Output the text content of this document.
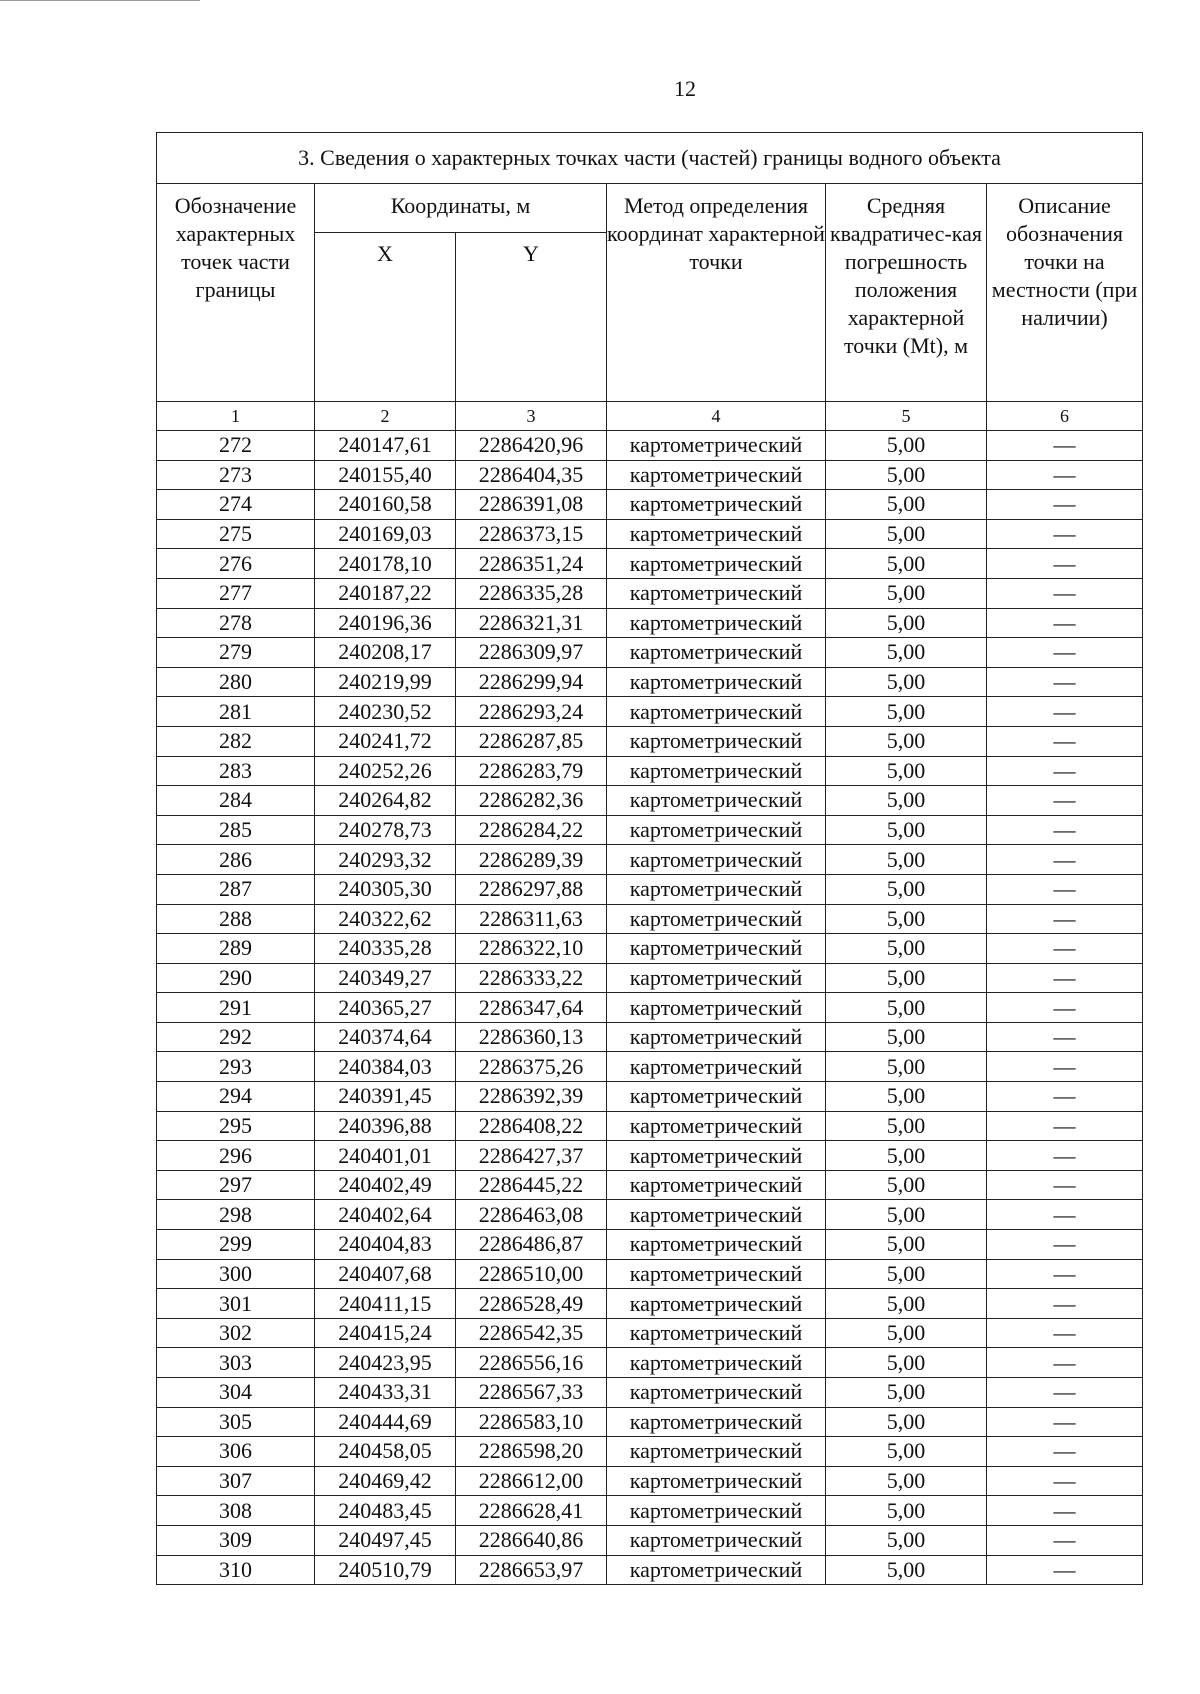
12
3. Сведения о характерных точках части (частей) границы водного объекта					
Обозначение характерных точек части границы	Координаты, м		Метод определения координат характерной точки	Средняя квадратичес-кая погрешность положения характерной точки (Mt), м	Описание обозначения точки на местности (при наличии)
	X	Y			
1	2	3	4	5	6
272	240147,61	2286420,96	картометрический	5,00	—
273	240155,40	2286404,35	картометрический	5,00	—
274	240160,58	2286391,08	картометрический	5,00	—
275	240169,03	2286373,15	картометрический	5,00	—
276	240178,10	2286351,24	картометрический	5,00	—
277	240187,22	2286335,28	картометрический	5,00	—
278	240196,36	2286321,31	картометрический	5,00	—
279	240208,17	2286309,97	картометрический	5,00	—
280	240219,99	2286299,94	картометрический	5,00	—
281	240230,52	2286293,24	картометрический	5,00	—
282	240241,72	2286287,85	картометрический	5,00	—
283	240252,26	2286283,79	картометрический	5,00	—
284	240264,82	2286282,36	картометрический	5,00	—
285	240278,73	2286284,22	картометрический	5,00	—
286	240293,32	2286289,39	картометрический	5,00	—
287	240305,30	2286297,88	картометрический	5,00	—
288	240322,62	2286311,63	картометрический	5,00	—
289	240335,28	2286322,10	картометрический	5,00	—
290	240349,27	2286333,22	картометрический	5,00	—
291	240365,27	2286347,64	картометрический	5,00	—
292	240374,64	2286360,13	картометрический	5,00	—
293	240384,03	2286375,26	картометрический	5,00	—
294	240391,45	2286392,39	картометрический	5,00	—
295	240396,88	2286408,22	картометрический	5,00	—
296	240401,01	2286427,37	картометрический	5,00	—
297	240402,49	2286445,22	картометрический	5,00	—
298	240402,64	2286463,08	картометрический	5,00	—
299	240404,83	2286486,87	картометрический	5,00	—
300	240407,68	2286510,00	картометрический	5,00	—
301	240411,15	2286528,49	картометрический	5,00	—
302	240415,24	2286542,35	картометрический	5,00	—
303	240423,95	2286556,16	картометрический	5,00	—
304	240433,31	2286567,33	картометрический	5,00	—
305	240444,69	2286583,10	картометрический	5,00	—
306	240458,05	2286598,20	картометрический	5,00	—
307	240469,42	2286612,00	картометрический	5,00	—
308	240483,45	2286628,41	картометрический	5,00	—
309	240497,45	2286640,86	картометрический	5,00	—
310	240510,79	2286653,97	картометрический	5,00	—
